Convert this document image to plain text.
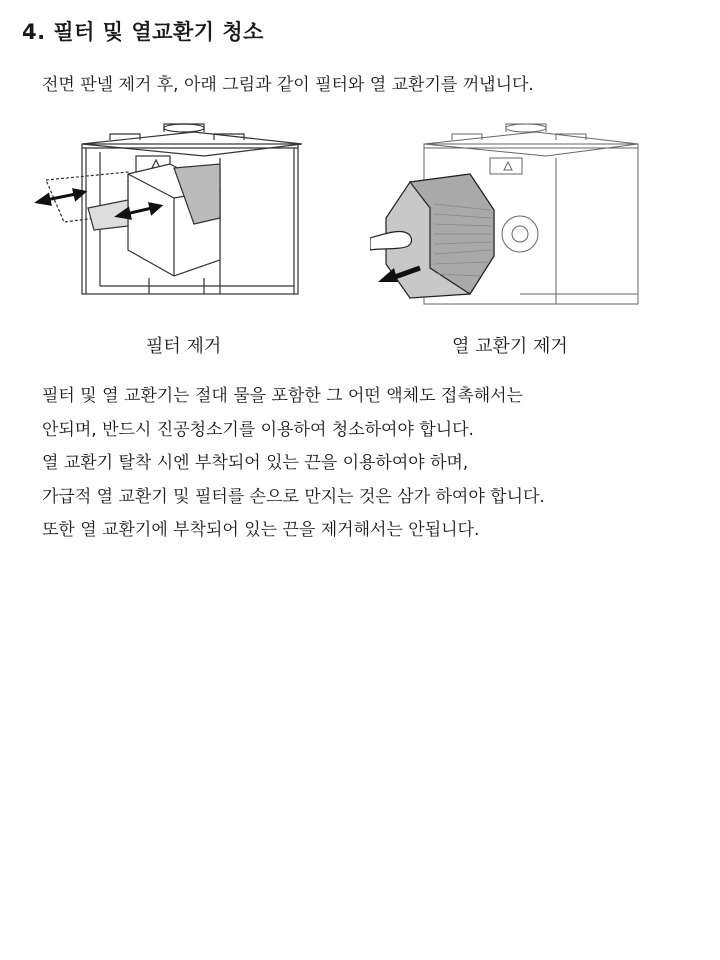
4. 필터 및 열교환기 청소
전면 판넬 제거 후, 아래 그림과 같이 필터와 열 교환기를 꺼냅니다.
필터 제거	열 교환기 제거
필터 및 열 교환기는 절대 물을 포함한 그 어떤 액체도 접촉해서는
안되며, 반드시 진공청소기를 이용하여 청소하여야 합니다.
열 교환기 탈착 시엔 부착되어 있는 끈을 이용하여야 하며,
가급적 열 교환기 및 필터를 손으로 만지는 것은 삼가 하여야 합니다.
또한 열 교환기에 부착되어 있는 끈을 제거해서는 안됩니다.
